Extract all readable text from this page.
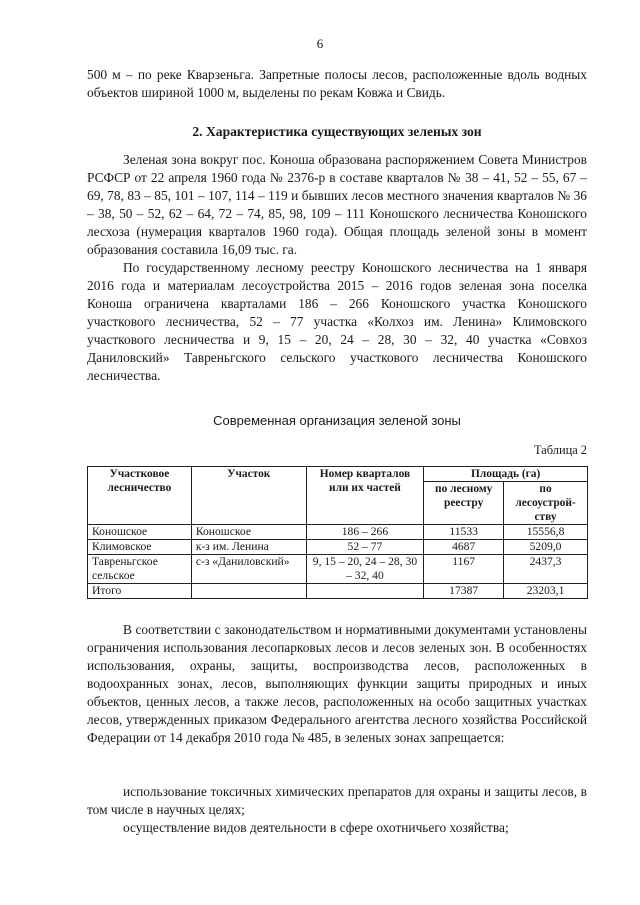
6

500 м – по реке Кварзеньга. Запретные полосы лесов, расположенные вдоль водных объектов шириной 1000 м, выделены по рекам Ковжа и Свидь.

2. Характеристика существующих зеленых зон

Зеленая зона вокруг пос. Коноша образована распоряжением Совета Министров РСФСР от 22 апреля 1960 года № 2376-р в составе кварталов № 38 – 41, 52 – 55, 67 – 69, 78, 83 – 85, 101 – 107, 114 – 119 и бывших лесов местного значения кварталов № 36 – 38, 50 – 52, 62 – 64, 72 – 74, 85, 98, 109 – 111 Коношского лесничества Коношского лесхоза (нумерация кварталов 1960 года). Общая площадь зеленой зоны в момент образования составила 16,09 тыс. га.

По государственному лесному реестру Коношского лесничества на 1 января 2016 года и материалам лесоустройства 2015 – 2016 годов зеленая зона поселка Коноша ограничена кварталами 186 – 266 Коношского участка Коношского участкового лесничества, 52 – 77 участка «Колхоз им. Ленина» Климовского участкового лесничества и 9, 15 – 20, 24 – 28, 30 – 32, 40 участка «Совхоз Даниловский» Тавреньгского сельского участкового лесничества Коношского лесничества.

Современная организация зеленой зоны
Таблица 2
Участковое лесничество	Участок	Номер кварталов или их частей	Площадь (га)	
			по лесному реестру	по лесоустрой- ству
Коношское	Коношское	186 – 266	11533	15556,8
Климовское	к-з им. Ленина	52 – 77	4687	5209,0
Тавреньгское сельское	с-з «Даниловский»	9, 15 – 20, 24 – 28, 30 – 32, 40	1167	2437,3
Итого			17387	23203,1

В соответствии с законодательством и нормативными документами установлены ограничения использования лесопарковых лесов и лесов зеленых зон. В особенностях использования, охраны, защиты, воспроизводства лесов, расположенных в водоохранных зонах, лесов, выполняющих функции защиты природных и иных объектов, ценных лесов, а также лесов, расположенных на особо защитных участках лесов, утвержденных приказом Федерального агентства лесного хозяйства Российской Федерации от 14 декабря 2010 года № 485, в зеленых зонах запрещается:

использование токсичных химических препаратов для охраны и защиты лесов, в том числе в научных целях;

осуществление видов деятельности в сфере охотничьего хозяйства;
